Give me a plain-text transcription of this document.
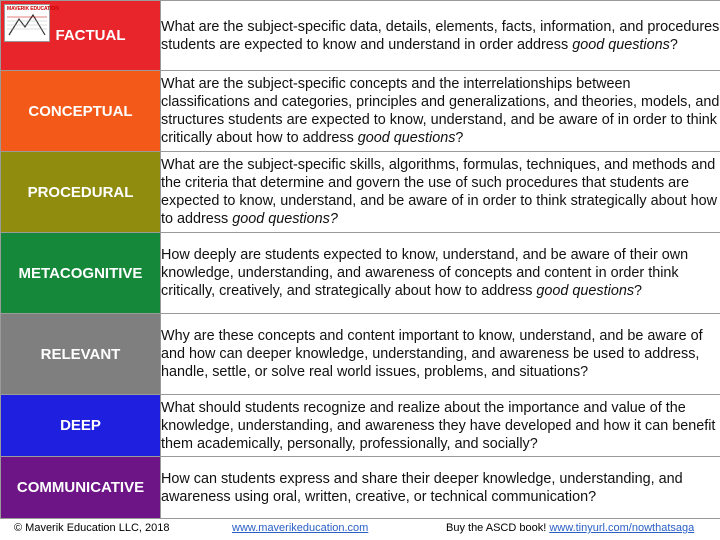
MAVERIK EDUCATION
FACTUAL	What are the subject-specific data, details, elements, facts, information, and procedures students are expected to know and understand in order address good questions?
CONCEPTUAL	What are the subject-specific concepts and the interrelationships between classifications and categories, principles and generalizations, and theories, models, and structures students are expected to know, understand, and be aware of in order to think critically about how to address good questions?
PROCEDURAL	What are the subject-specific skills, algorithms, formulas, techniques, and methods and the criteria that determine and govern the use of such procedures that students are expected to know, understand, and be aware of in order to think strategically about how to address good questions?
METACOGNITIVE	How deeply are students expected to know, understand, and be aware of their own knowledge, understanding, and awareness of concepts and content in order think critically, creatively, and strategically about how to address good questions?
RELEVANT	Why are these concepts and content important to know, understand, and be aware of and how can deeper knowledge, understanding, and awareness be used to address, handle, settle, or solve real world issues, problems, and situations?
DEEP	What should students recognize and realize about the importance and value of the knowledge, understanding, and awareness they have developed and how it can benefit them academically, personally, professionally, and socially?
COMMUNICATIVE	How can students express and share their deeper knowledge, understanding, and awareness using oral, written, creative, or technical communication?
© Maverik Education LLC, 2018	www.maverikeducation.com	Buy the ASCD book! www.tinyurl.com/nowthatsaga
